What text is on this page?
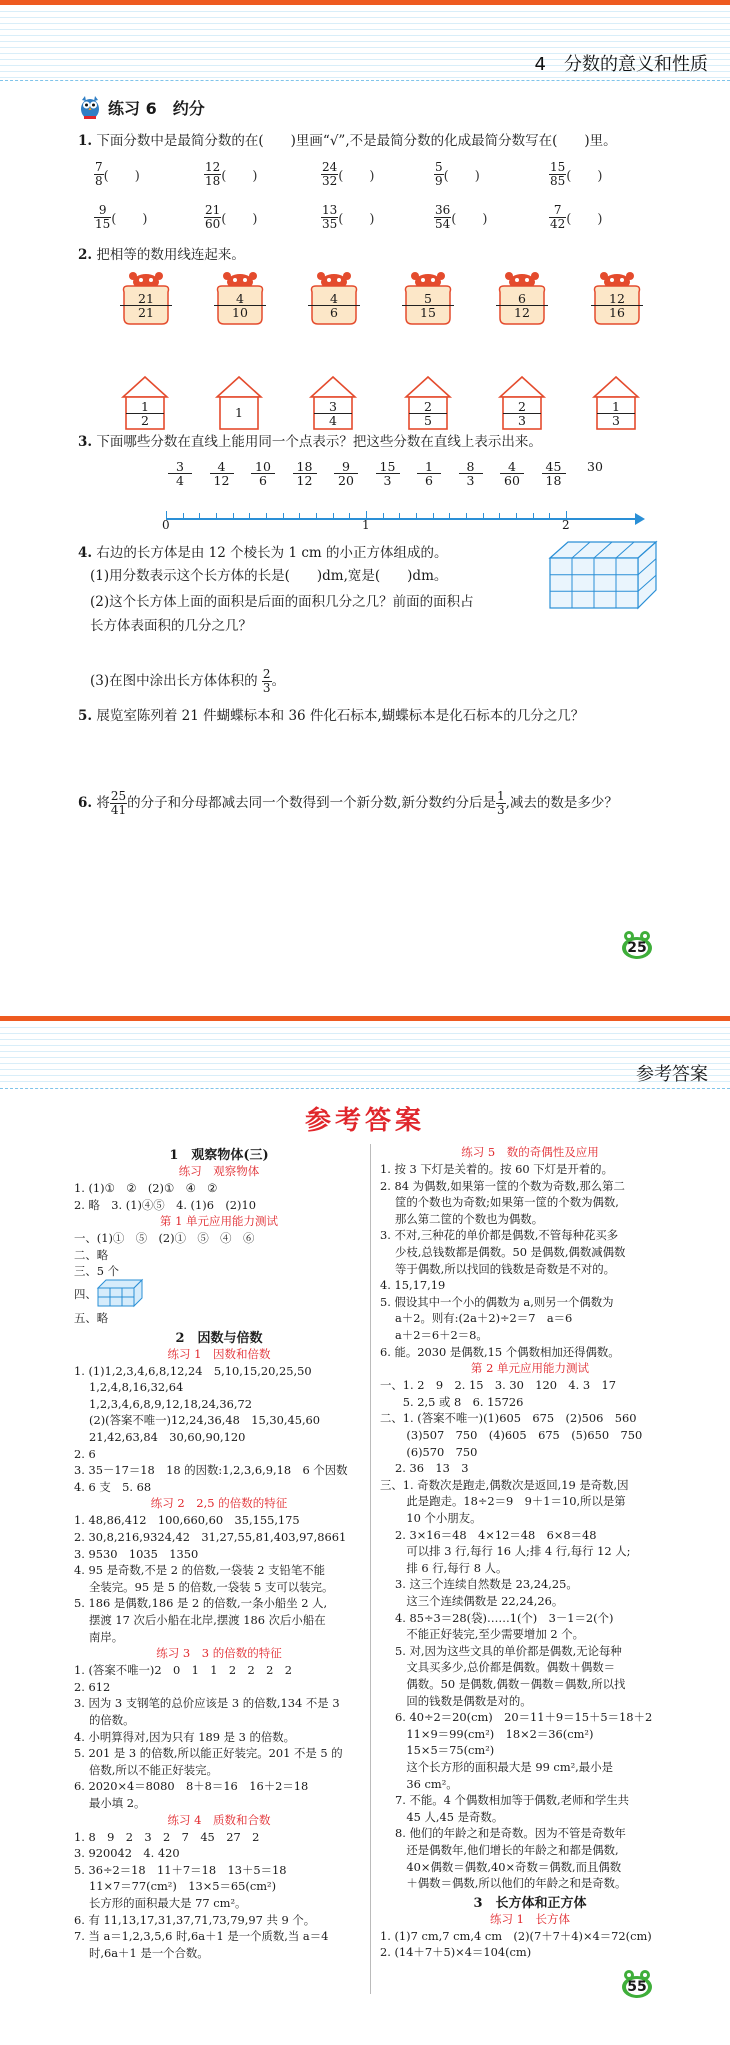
4　分数的意义和性质
练习 6　约分
1. 下面分数中是最简分数的在(　　)里画“√”,不是最简分数的化成最简分数写在(　　)里。
$\frac{7}{8}$ (　　)	$\frac{12}{18}$ (　　)	$\frac{24}{32}$ (　　)	$\frac{5}{9}$ (　　)	$\frac{15}{85}$ (　　)
$\frac{9}{15}$ (　　)	$\frac{21}{60}$ (　　)	$\frac{13}{35}$ (　　)	$\frac{36}{54}$ (　　)	$\frac{7}{42}$ (　　)
2. 把相等的数用线连起来。
$\frac{21}{21}$	$\frac{4}{10}$	$\frac{4}{6}$	$\frac{5}{15}$	$\frac{6}{12}$	$\frac{12}{16}$
$\frac{1}{2}$	1	$\frac{3}{4}$	$\frac{2}{5}$	$\frac{2}{3}$	$\frac{1}{3}$
3. 下面哪些分数在直线上能用同一个点表示？把这些分数在直线上表示出来。
$\frac{3}{4} \frac{4}{12} \frac{10}{6} \frac{18}{12} \frac{9}{20} \frac{15}{3} \frac{1}{6} \frac{8}{3} \frac{4}{60} \frac{45}{18}$	30
0	1	2
4. 右边的长方体是由 12 个棱长为 1 cm 的小正方体组成的。
(1)用分数表示这个长方体的长是(　　)dm,宽是(　　)dm。
(2)这个长方体上面的面积是后面的面积几分之几？前面的面积占
长方体表面积的几分之几？
(3)在图中涂出长方体体积的 $\frac{2}{3}$ 。
5. 展览室陈列着 21 件蝴蝶标本和 36 件化石标本,蝴蝶标本是化石标本的几分之几？
6. 将 $\frac{25}{41}$ 的分子和分母都减去同一个数得到一个新分数,新分数约分后是 $\frac{1}{3}$ ,减去的数是多少？
25
参考答案
参考答案
1　观察物体(三)
练习　观察物体
1. (1)①　②　(2)①　④　②
2. 略　3. (1)④⑤　4. (1)6　(2)10
第 1 单元应用能力测试
一、(1)①　⑤　(2)①　⑤　④　⑥
二、略
三、5 个
四、
五、略
2　因数与倍数
练习 1　因数和倍数
1. (1)1,2,3,4,6,8,12,24　5,10,15,20,25,50
　 1,2,4,8,16,32,64
　 1,2,3,4,6,8,9,12,18,24,36,72
　 (2)(答案不唯一)12,24,36,48　15,30,45,60
　 21,42,63,84　30,60,90,120
2. 6
3. 35－17＝18　18 的因数:1,2,3,6,9,18　6 个因数
4. 6 支　5. 68
练习 2　2,5 的倍数的特征
1. 48,86,412　100,660,60　35,155,175
2. 30,8,216,9324,42　31,27,55,81,403,97,8661
3. 9530　1035　1350
4. 95 是奇数,不是 2 的倍数,一袋装 2 支铅笔不能
　 全装完。95 是 5 的倍数,一袋装 5 支可以装完。
5. 186 是偶数,186 是 2 的倍数,一条小船坐 2 人,
　 摆渡 17 次后小船在北岸,摆渡 186 次后小船在
　 南岸。
练习 3　3 的倍数的特征
1. (答案不唯一)2　0　1　1　2　2　2　2
2. 612
3. 因为 3 支钢笔的总价应该是 3 的倍数,134 不是 3
　 的倍数。
4. 小明算得对,因为只有 189 是 3 的倍数。
5. 201 是 3 的倍数,所以能正好装完。201 不是 5 的
　 倍数,所以不能正好装完。
6. 2020×4＝8080　8＋8＝16　16＋2＝18
　 最小填 2。
练习 4　质数和合数
1. 8　9　2　3　2　7　45　27　2
3. 920042　4. 420
5. 36÷2＝18　11＋7＝18　13＋5＝18
　 11×7＝77(cm²)　13×5＝65(cm²)
　 长方形的面积最大是 77 cm²。
6. 有 11,13,17,31,37,71,73,79,97 共 9 个。
7. 当 a＝1,2,3,5,6 时,6a＋1 是一个质数,当 a＝4
　 时,6a＋1 是一个合数。
练习 5　数的奇偶性及应用
1. 按 3 下灯是关着的。按 60 下灯是开着的。
2. 84 为偶数,如果第一筐的个数为奇数,那么第二
　 筐的个数也为奇数;如果第一筐的个数为偶数,
　 那么第二筐的个数也为偶数。
3. 不对,三种花的单价都是偶数,不管每种花买多
　 少枝,总钱数都是偶数。50 是偶数,偶数减偶数
　 等于偶数,所以找回的钱数是奇数是不对的。
4. 15,17,19
5. 假设其中一个小的偶数为 a,则另一个偶数为
　 a＋2。则有:(2a＋2)÷2＝7　a＝6
　 a＋2＝6＋2＝8。
6. 能。2030 是偶数,15 个偶数相加还得偶数。
第 2 单元应用能力测试
一、1. 2　9　2. 15　3. 30　120　4. 3　17
　　5. 2,5 或 8　6. 15726
二、1. (答案不唯一)(1)605　675　(2)506　560
　　 (3)507　750　(4)605　675　(5)650　750
　　 (6)570　750
　 2. 36　13　3
三、1. 奇数次是跑走,偶数次是返回,19 是奇数,因
　　 此是跑走。18÷2＝9　9＋1＝10,所以是第
　　 10 个小朋友。
　 2. 3×16＝48　4×12＝48　6×8＝48
　　 可以排 3 行,每行 16 人;排 4 行,每行 12 人;
　　 排 6 行,每行 8 人。
　 3. 这三个连续自然数是 23,24,25。
　　 这三个连续偶数是 22,24,26。
　 4. 85÷3＝28(袋)……1(个)　3－1＝2(个)
　　 不能正好装完,至少需要增加 2 个。
　 5. 对,因为这些文具的单价都是偶数,无论每种
　　 文具买多少,总价都是偶数。偶数＋偶数＝
　　 偶数。50 是偶数,偶数－偶数＝偶数,所以找
　　 回的钱数是偶数是对的。
　 6. 40÷2＝20(cm)　20＝11＋9＝15＋5＝18＋2
　　 11×9＝99(cm²)　18×2＝36(cm²)
　　 15×5＝75(cm²)
　　 这个长方形的面积最大是 99 cm²,最小是
　　 36 cm²。
　 7. 不能。4 个偶数相加等于偶数,老师和学生共
　　 45 人,45 是奇数。
　 8. 他们的年龄之和是奇数。因为不管是奇数年
　　 还是偶数年,他们增长的年龄之和都是偶数,
　　 40×偶数＝偶数,40×奇数＝偶数,而且偶数
　　 ＋偶数＝偶数,所以他们的年龄之和是奇数。
3　长方体和正方体
练习 1　长方体
1. (1)7 cm,7 cm,4 cm　(2)(7＋7＋4)×4＝72(cm)
2. (14＋7＋5)×4＝104(cm)
55
